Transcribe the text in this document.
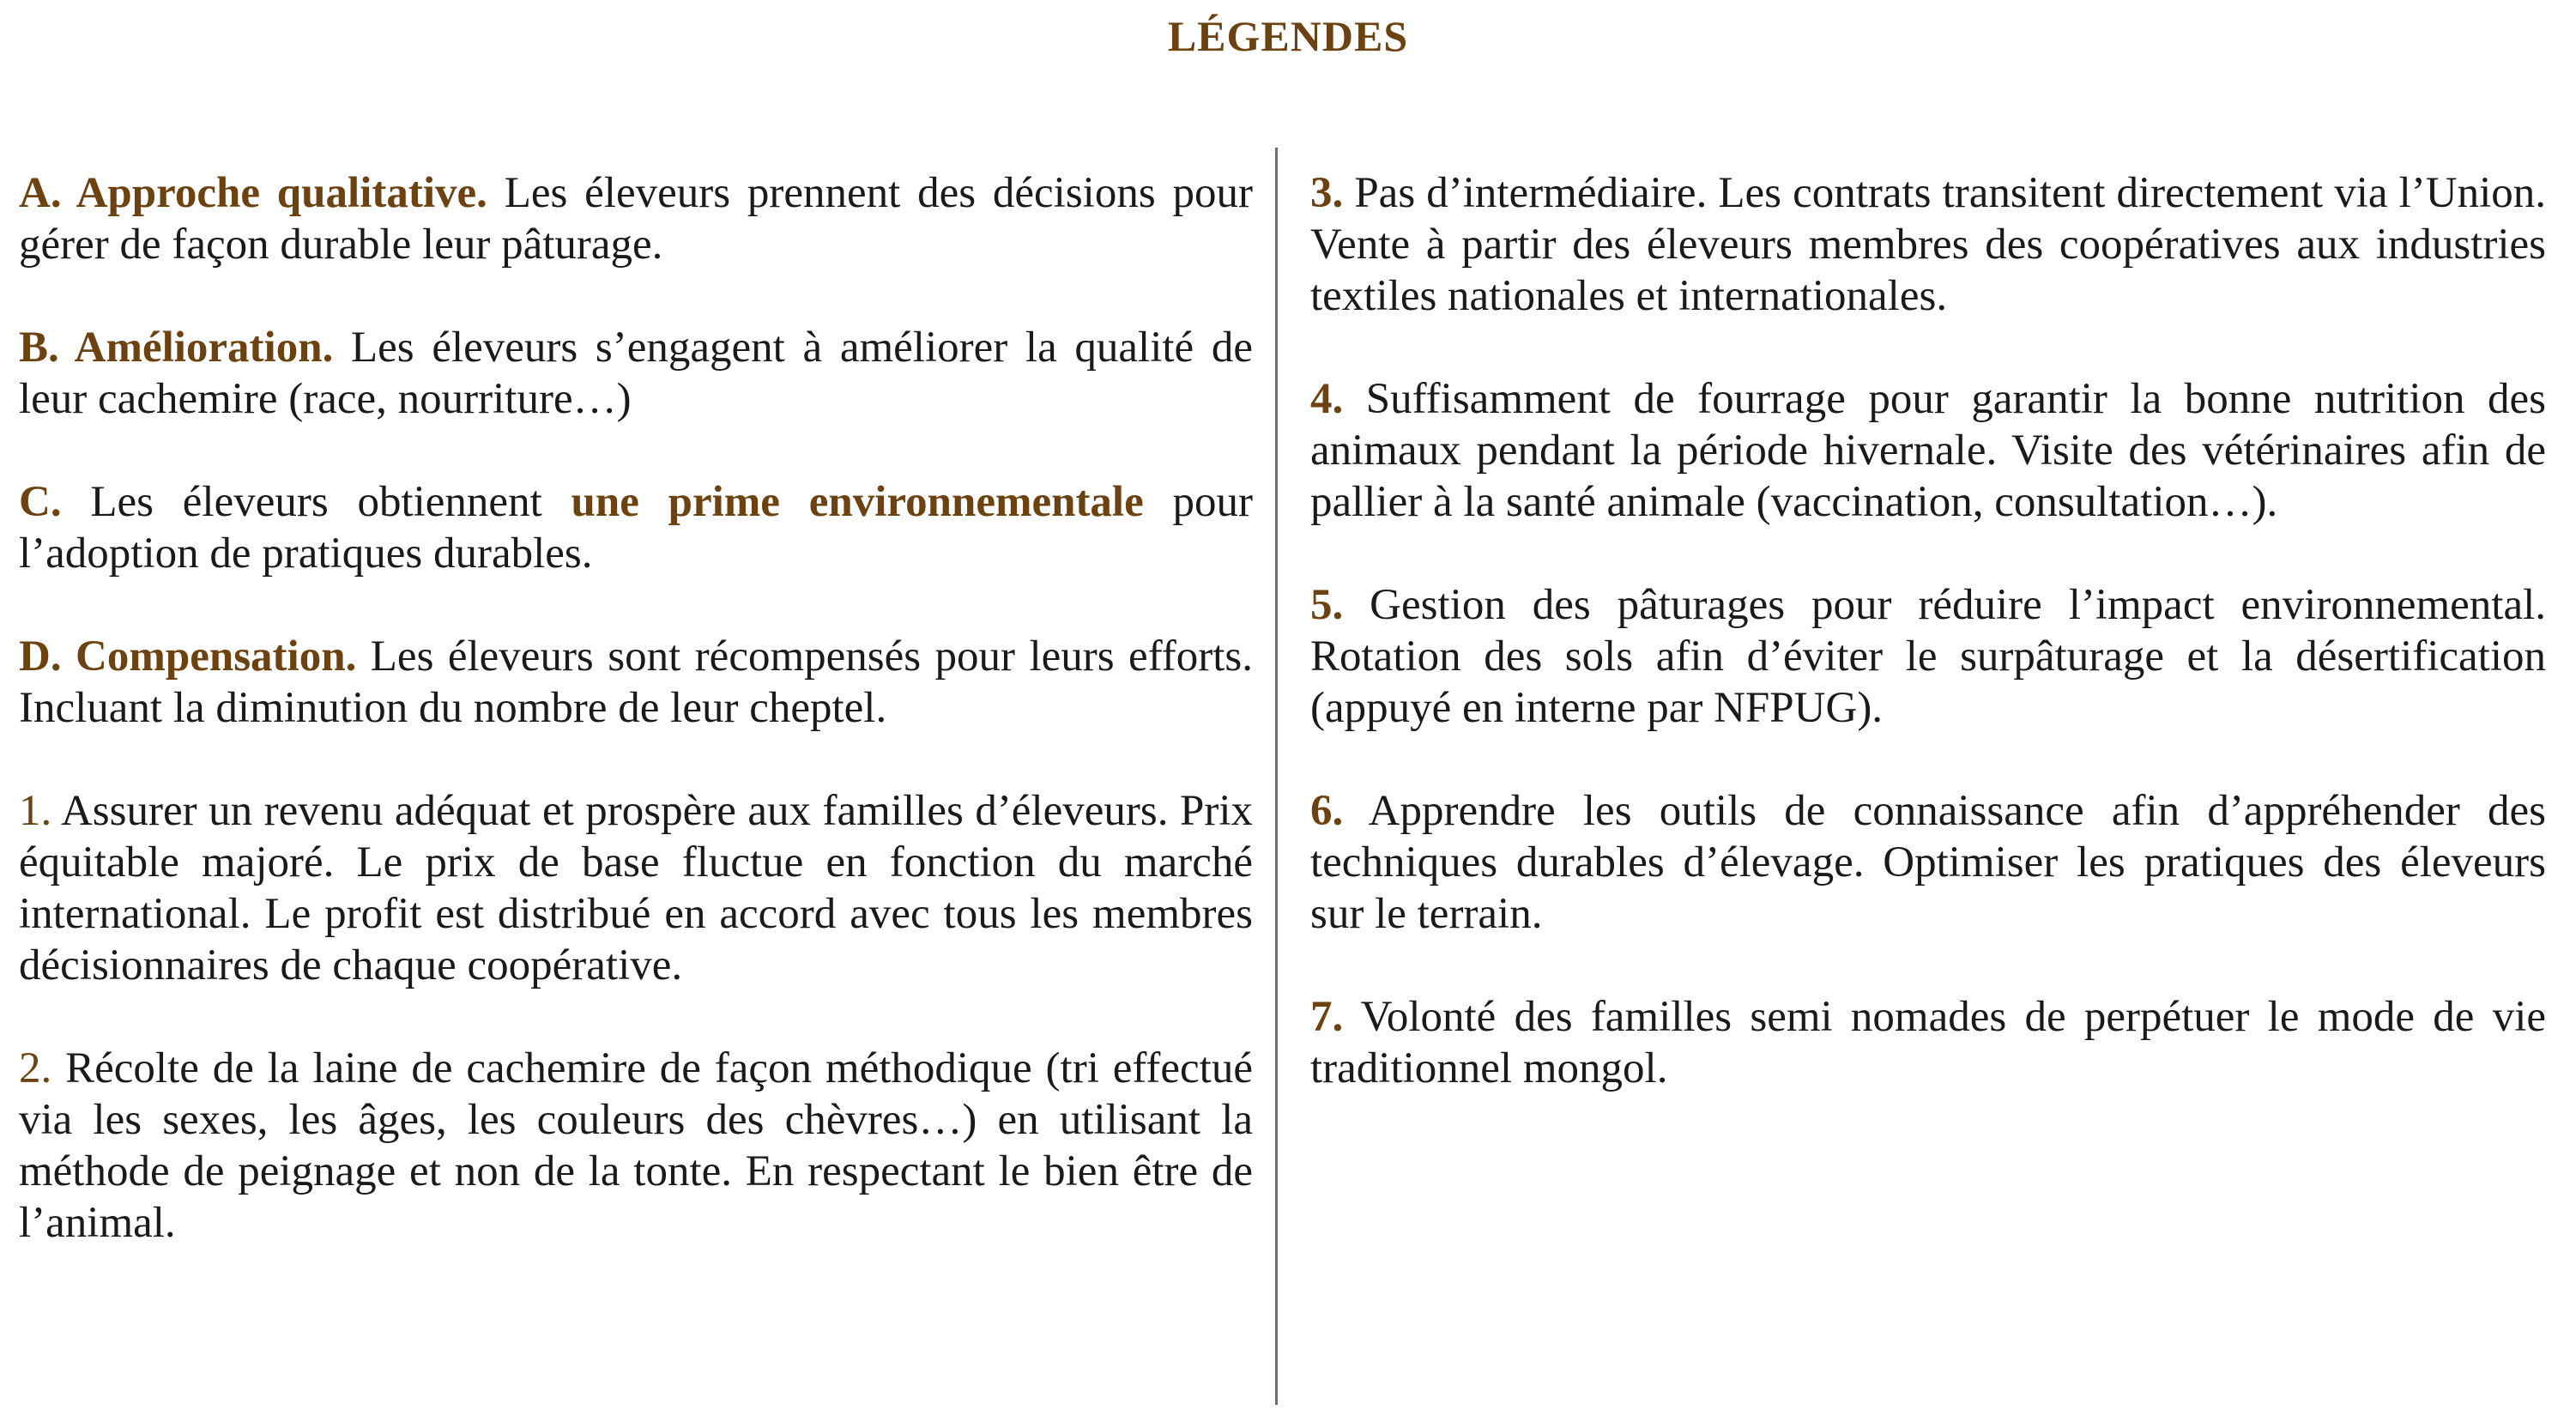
LÉGENDES

A. Approche qualitative. Les éleveurs prennent des décisions pour gérer de façon durable leur pâturage.

B. Amélioration. Les éleveurs s’engagent à améliorer la qualité de leur cachemire (race, nourriture…)

C. Les éleveurs obtiennent une prime environnementale pour l’adoption de pratiques durables.

D. Compensation. Les éleveurs sont récompensés pour leurs efforts. Incluant la diminution du nombre de leur cheptel.

1. Assurer un revenu adéquat et prospère aux familles d’éleveurs. Prix équitable majoré. Le prix de base fluctue en fonction du marché international. Le profit est distribué en accord avec tous les membres décisionnaires de chaque coopérative.

2. Récolte de la laine de cachemire de façon méthodique (tri effectué via les sexes, les âges, les couleurs des chèvres…) en utilisant la méthode de peignage et non de la tonte. En respectant le bien être de l’animal.

3. Pas d’intermédiaire. Les contrats transitent directement via l’Union. Vente à partir des éleveurs membres des coopératives aux industries textiles nationales et internationales.

4. Suffisamment de fourrage pour garantir la bonne nutrition des animaux pendant la période hivernale. Visite des vétérinaires afin de pallier à la santé animale (vaccination, consultation…).

5. Gestion des pâturages pour réduire l’impact environnemental. Rotation des sols afin d’éviter le surpâturage et la désertification (appuyé en interne par NFPUG).

6. Apprendre les outils de connaissance afin d’appréhender des techniques durables d’élevage. Optimiser les pratiques des éleveurs sur le terrain.

7. Volonté des familles semi nomades de perpétuer le mode de vie traditionnel mongol.
